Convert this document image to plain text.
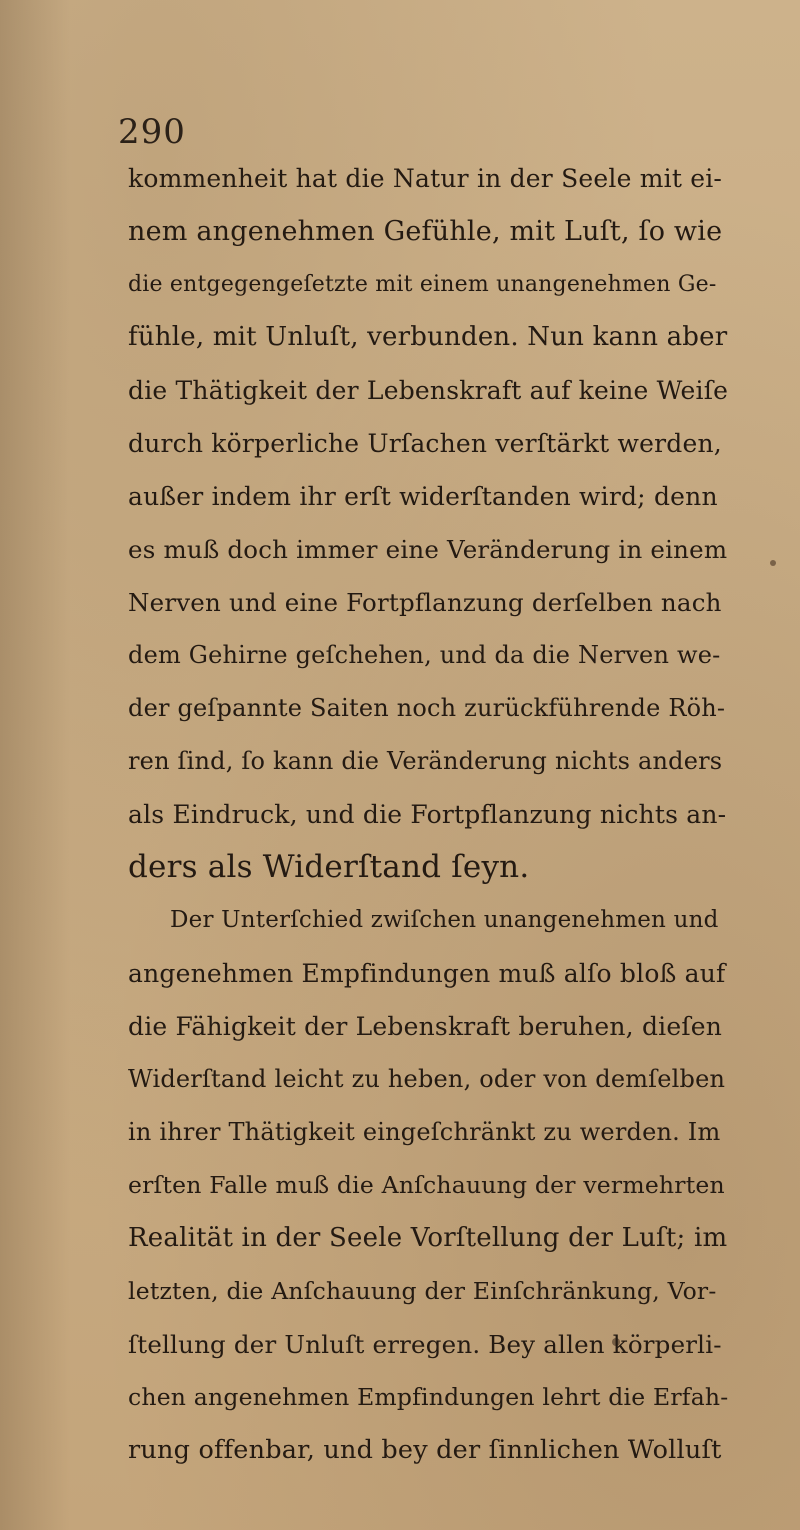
290
kommenheit hat die Natur in der Seele mit ei-
nem angenehmen Gefühle, mit Luſt, ſo wie
die entgegengeſetzte mit einem unangenehmen Ge-
fühle, mit Unluſt, verbunden. Nun kann aber
die Thätigkeit der Lebenskraft auf keine Weiſe
durch körperliche Urſachen verſtärkt werden,
außer indem ihr erſt widerſtanden wird; denn
es muß doch immer eine Veränderung in einem
Nerven und eine Fortpflanzung derſelben nach
dem Gehirne geſchehen, und da die Nerven we-
der geſpannte Saiten noch zurückführende Röh-
ren ſind, ſo kann die Veränderung nichts anders
als Eindruck, und die Fortpflanzung nichts an-
ders als Widerſtand ſeyn.
Der Unterſchied zwiſchen unangenehmen und
angenehmen Empfindungen muß alſo bloß auf
die Fähigkeit der Lebenskraft beruhen, dieſen
Widerſtand leicht zu heben, oder von demſelben
in ihrer Thätigkeit eingeſchränkt zu werden. Im
erſten Falle muß die Anſchauung der vermehrten
Realität in der Seele Vorſtellung der Luſt; im
letzten, die Anſchauung der Einſchränkung, Vor-
ſtellung der Unluſt erregen. Bey allen körperli-
chen angenehmen Empfindungen lehrt die Erfah-
rung offenbar, und bey der ſinnlichen Wolluſt
